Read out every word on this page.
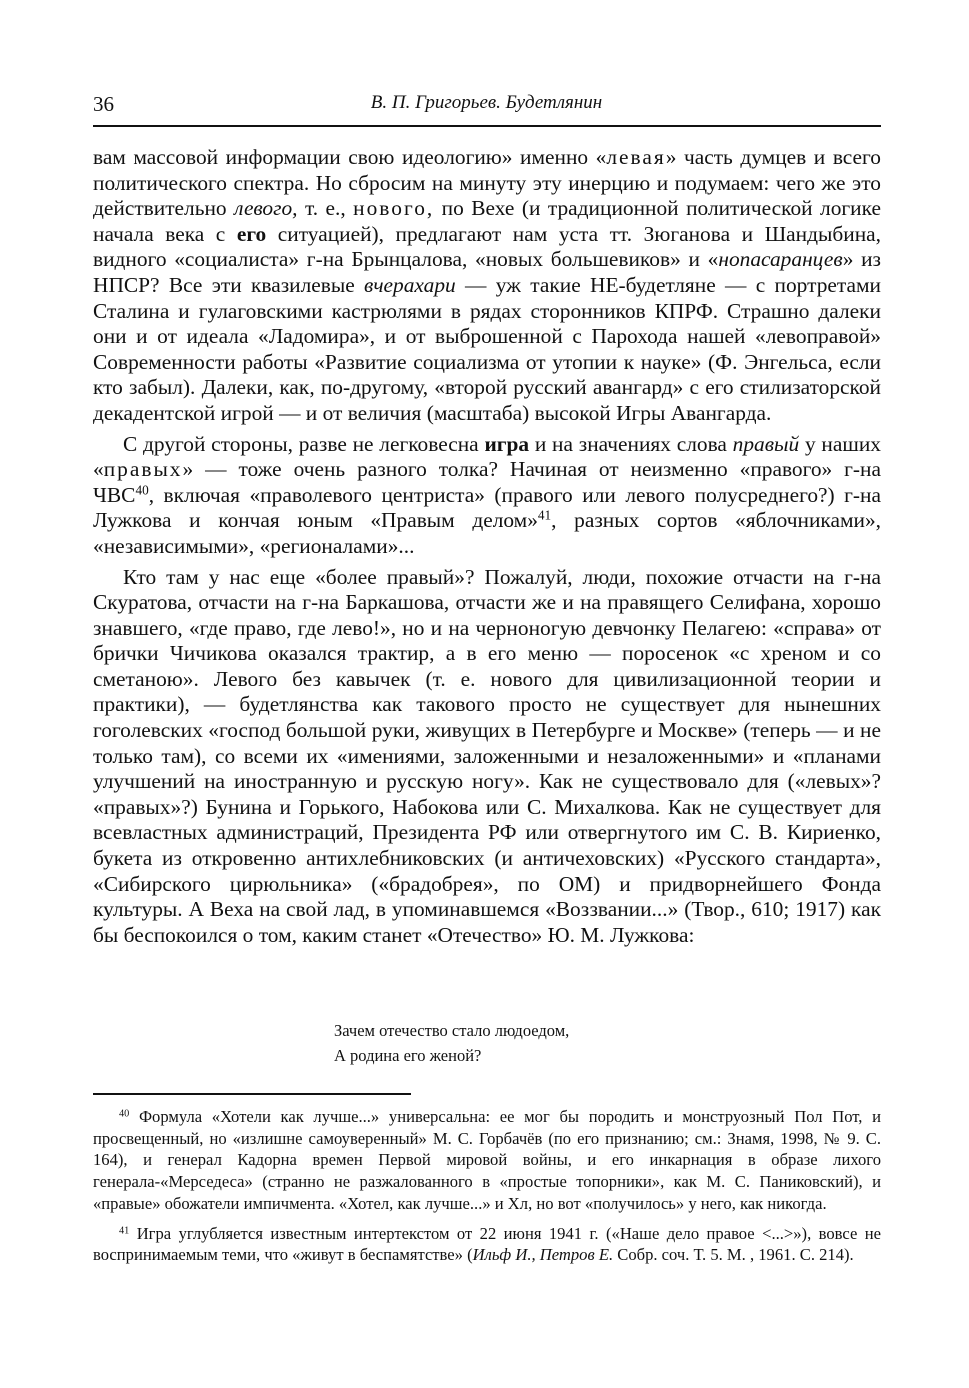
36	В. П. Григорьев. Будетлянин

вам массовой информации свою идеологию» именно «левая» часть думцев и всего политического спектра. Но сбросим на минуту эту инерцию и подумаем: чего же это действительно левого, т. е., нового, по Вехе (и традиционной политической логике начала века с его ситуацией), предлагают нам уста тт. Зюганова и Шандыбина, видного «социалиста» г-на Брынцалова, «новых большевиков» и «нопасаранцев» из НПСР? Все эти квазилевые вчерахари — уж такие НЕ-будетляне — с портретами Сталина и гулаговскими кастрюлями в рядах сторонников КПРФ. Страшно далеки они и от идеала «Ладомира», и от выброшенной с Парохода нашей «левоправой» Современности работы «Развитие социализма от утопии к науке» (Ф. Энгельса, если кто забыл). Далеки, как, по-другому, «второй русский авангард» с его стилизаторской декадентской игрой — и от величия (масштаба) высокой Игры Авангарда.

С другой стороны, разве не легковесна игра и на значениях слова правый у наших «правых» — тоже очень разного толка? Начиная от неизменно «правого» г-на ЧВС$^{40}$, включая «праволевого центриста» (правого или левого полусреднего?) г-на Лужкова и кончая юным «Правым делом»$^{41}$, разных сортов «яблочниками», «независимыми», «регионалами»...

Кто там у нас еще «более правый»? Пожалуй, люди, похожие отчасти на г-на Скуратова, отчасти на г-на Баркашова, отчасти же и на правящего Селифана, хорошо знавшего, «где право, где лево!», но и на черноногую девчонку Пелагею: «справа» от брички Чичикова оказался трактир, а в его меню — поросенок «с хреном и со сметаною». Левого без кавычек (т. е. нового для цивилизационной теории и практики), — будетлянства как такового просто не существует для нынешних гоголевских «господ большой руки, живущих в Петербурге и Москве» (теперь — и не только там), со всеми их «имениями, заложенными и незаложенными» и «планами улучшений на иностранную и русскую ногу». Как не существовало для («левых»? «правых»?) Бунина и Горького, Набокова или С. Михалкова. Как не существует для всевластных администраций, Президента РФ или отвергнутого им С. В. Кириенко, букета из откровенно антихлебниковских (и античеховских) «Русского стандарта», «Сибирского цирюльника» («брадобрея», по ОМ) и придворнейшего Фонда культуры. А Веха на свой лад, в упоминавшемся «Воззвании...» (Твор., 610; 1917) как бы беспокоился о том, каким станет «Отечество» Ю. М. Лужкова:

Зачем отечество стало людоедом,
А родина его женой?

$^{40}$ Формула «Хотели как лучше...» универсальна: ее мог бы породить и монструозный Пол Пот, и просвещенный, но «излишне самоуверенный» М. С. Горбачёв (по его признанию; см.: Знамя, 1998, № 9. С. 164), и генерал Кадорна времен Первой мировой войны, и его инкарнация в образе лихого генерала-«Мерседеса» (странно не разжалованного в «простые топорники», как М. С. Паниковский), и «правые» обожатели импичмента. «Хотел, как лучше...» и Хл, но вот «получилось» у него, как никогда.

$^{41}$ Игра углубляется известным интертекстом от 22 июня 1941 г. («Наше дело правое <...>»), вовсе не воспринимаемым теми, что «живут в беспамятстве» (Ильф И., Петров Е. Собр. соч. Т. 5. М. , 1961. С. 214).
